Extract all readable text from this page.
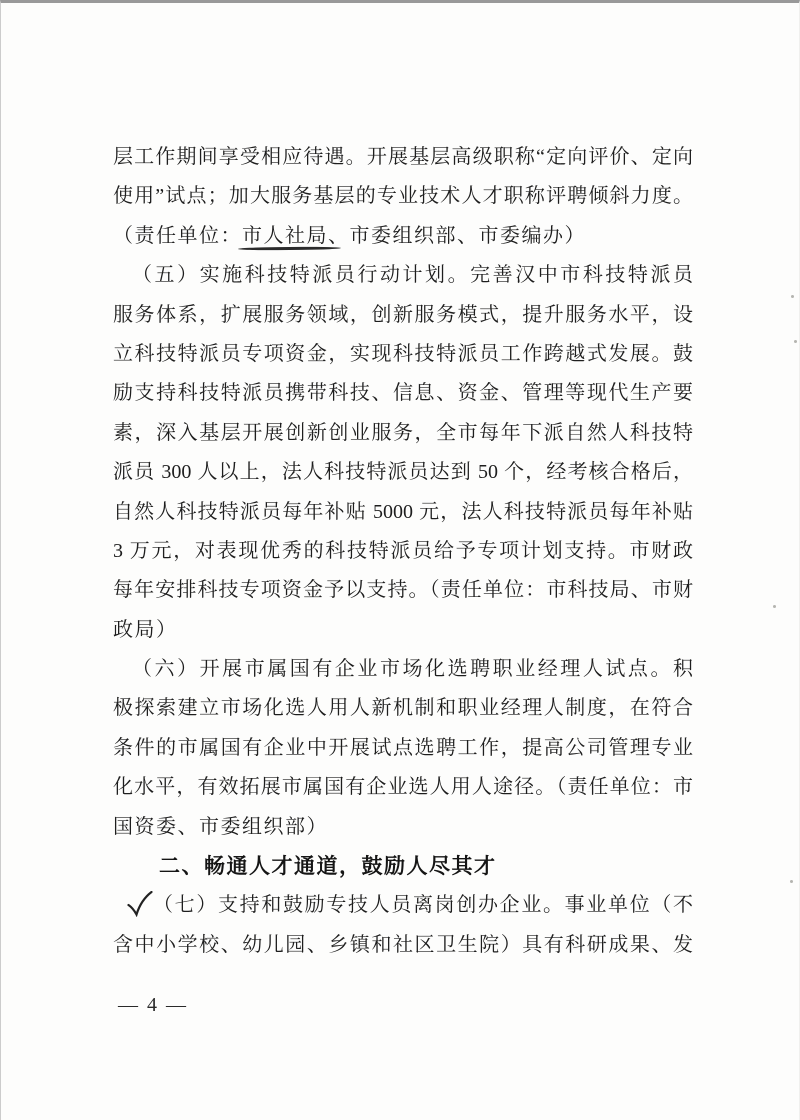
层工作期间享受相应待遇。开展基层高级职称“定向评价、定向
使用”试点；加大服务基层的专业技术人才职称评聘倾斜力度。
（责任单位：市人社局、市委组织部、市委编办）
（五）实施科技特派员行动计划。完善汉中市科技特派员
服务体系，扩展服务领域，创新服务模式，提升服务水平，设
立科技特派员专项资金，实现科技特派员工作跨越式发展。鼓
励支持科技特派员携带科技、信息、资金、管理等现代生产要
素，深入基层开展创新创业服务，全市每年下派自然人科技特
派员 300 人以上，法人科技特派员达到 50 个，经考核合格后，
自然人科技特派员每年补贴 5000 元，法人科技特派员每年补贴
3 万元，对表现优秀的科技特派员给予专项计划支持。市财政
每年安排科技专项资金予以支持。（责任单位：市科技局、市财
政局）
（六）开展市属国有企业市场化选聘职业经理人试点。积
极探索建立市场化选人用人新机制和职业经理人制度，在符合
条件的市属国有企业中开展试点选聘工作，提高公司管理专业
化水平，有效拓展市属国有企业选人用人途径。（责任单位：市
国资委、市委组织部）
二、畅通人才通道，鼓励人尽其才
（七）支持和鼓励专技人员离岗创办企业。事业单位（不
含中小学校、幼儿园、乡镇和社区卫生院）具有科研成果、发
— 4 —
